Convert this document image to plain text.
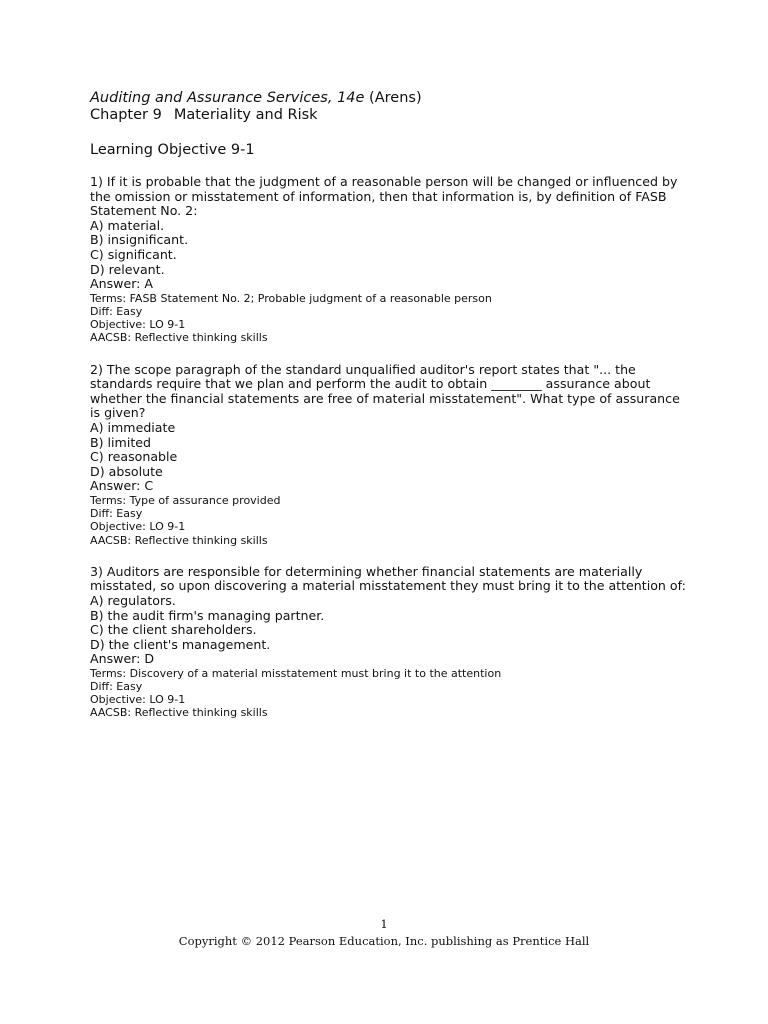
Auditing and Assurance Services, 14e (Arens)

Chapter 9 Materiality and Risk

Learning Objective 9-1

1) If it is probable that the judgment of a reasonable person will be changed or influenced by the omission or misstatement of information, then that information is, by definition of FASB Statement No. 2:

A) material.

B) insignificant.

C) significant.

D) relevant.

Answer: A

Terms: FASB Statement No. 2; Probable judgment of a reasonable person

Diff: Easy

Objective: LO 9-1

AACSB: Reflective thinking skills

2) The scope paragraph of the standard unqualified auditor's report states that "... the standards require that we plan and perform the audit to obtain ________ assurance about whether the financial statements are free of material misstatement". What type of assurance is given?

A) immediate

B) limited

C) reasonable

D) absolute

Answer: C

Terms: Type of assurance provided

Diff: Easy

Objective: LO 9-1

AACSB: Reflective thinking skills

3) Auditors are responsible for determining whether financial statements are materially misstated, so upon discovering a material misstatement they must bring it to the attention of:

A) regulators.

B) the audit firm's managing partner.

C) the client shareholders.

D) the client's management.

Answer: D

Terms: Discovery of a material misstatement must bring it to the attention

Diff: Easy

Objective: LO 9-1

AACSB: Reflective thinking skills

1
Copyright © 2012 Pearson Education, Inc. publishing as Prentice Hall
